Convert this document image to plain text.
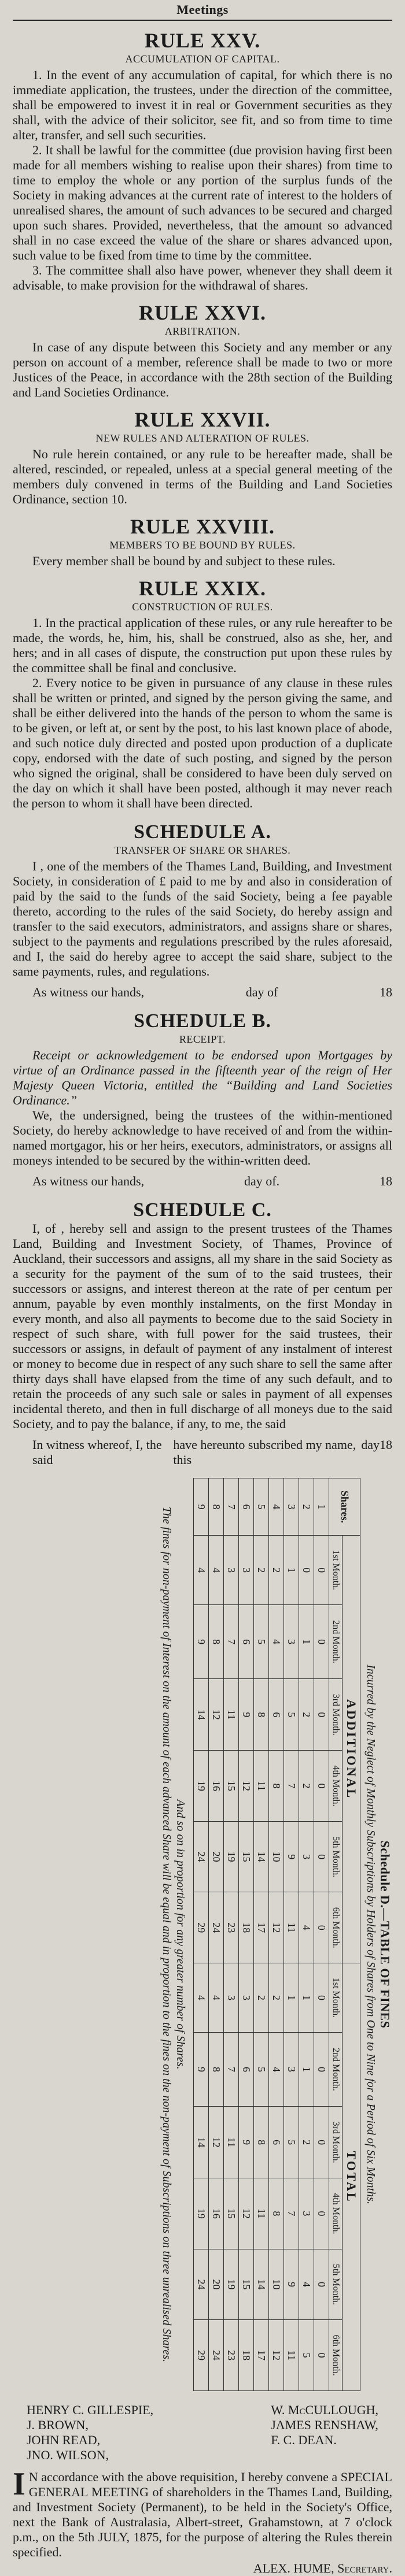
Meetings
RULE XXV.
ACCUMULATION OF CAPITAL.

1. In the event of any accumulation of capital, for which there is no immediate application, the trustees, under the direction of the committee, shall be empowered to invest it in real or Government securities as they shall, with the advice of their solicitor, see fit, and so from time to time alter, transfer, and sell such securities.

2. It shall be lawful for the committee (due provision having first been made for all members wishing to realise upon their shares) from time to time to employ the whole or any portion of the surplus funds of the Society in making advances at the current rate of interest to the holders of unrealised shares, the amount of such advances to be secured and charged upon such shares. Provided, nevertheless, that the amount so advanced shall in no case exceed the value of the share or shares advanced upon, such value to be fixed from time to time by the committee.

3. The committee shall also have power, whenever they shall deem it advisable, to make provision for the withdrawal of shares.

RULE XXVI.
ARBITRATION.

In case of any dispute between this Society and any member or any person on account of a member, reference shall be made to two or more Justices of the Peace, in accordance with the 28th section of the Building and Land Societies Ordinance.

RULE XXVII.
NEW RULES AND ALTERATION OF RULES.

No rule herein contained, or any rule to be hereafter made, shall be altered, rescinded, or repealed, unless at a special general meeting of the members duly convened in terms of the Building and Land Societies Ordinance, section 10.

RULE XXVIII.
MEMBERS TO BE BOUND BY RULES.

Every member shall be bound by and subject to these rules.

RULE XXIX.
CONSTRUCTION OF RULES.

1. In the practical application of these rules, or any rule hereafter to be made, the words, he, him, his, shall be construed, also as she, her, and hers; and in all cases of dispute, the construction put upon these rules by the committee shall be final and conclusive.

2. Every notice to be given in pursuance of any clause in these rules shall be written or printed, and signed by the person giving the same, and shall be either delivered into the hands of the person to whom the same is to be given, or left at, or sent by the post, to his last known place of abode, and such notice duly directed and posted upon production of a duplicate copy, endorsed with the date of such posting, and signed by the person who signed the original, shall be considered to have been duly served on the day on which it shall have been posted, although it may never reach the person to whom it shall have been directed.

SCHEDULE A.
TRANSFER OF SHARE OR SHARES.

I , one of the members of the Thames Land, Building, and Investment Society, in consideration of £ paid to me by and also in consideration of paid by the said to the funds of the said Society, being a fee payable thereto, according to the rules of the said Society, do hereby assign and transfer to the said executors, administrators, and assigns share or shares, subject to the payments and regulations prescribed by the rules aforesaid, and I, the said do hereby agree to accept the said share, subject to the same payments, rules, and regulations.

As witness our hands,	day of	18
SCHEDULE B.
RECEIPT.

Receipt or acknowledgement to be endorsed upon Mortgages by virtue of an Ordinance passed in the fifteenth year of the reign of Her Majesty Queen Victoria, entitled the “Building and Land Societies Ordinance.”

We, the undersigned, being the trustees of the within-mentioned Society, do hereby acknowledge to have received of and from the within-named mortgagor, his or her heirs, executors, administrators, or assigns all moneys intended to be secured by the within-written deed.

As witness our hands,	day of.	18
SCHEDULE C.

I, of , hereby sell and assign to the present trustees of the Thames Land, Building and Investment Society, of Thames, Province of Auckland, their successors and assigns, all my share in the said Society as a security for the payment of the sum of to the said trustees, their successors or assigns, and interest thereon at the rate of per centum per annum, payable by even monthly instalments, on the first Monday in every month, and also all payments to become due to the said Society in respect of such share, with full power for the said trustees, their successors or assigns, in default of payment of any instalment of interest or money to become due in respect of any such share to sell the same after thirty days shall have elapsed from the time of any such default, and to retain the proceeds of any such sale or sales in payment of all expenses incidental thereto, and then in full discharge of all moneys due to the said Society, and to pay the balance, if any, to me, the said

In witness whereof, I, the said
have hereunto subscribed my name, this
day 18
Schedule D.—TABLE OF FINES
Incurred by the Neglect of Monthly Subscriptions by Holders of Shares from One to Nine for a Period of Six Months.
Shares.	ADDITIONAL						TOTAL					
	1st Month.	2nd Month.	3rd Month.	4th Month.	5th Month.	6th Month.	1st Month.	2nd Month.	3rd Month.	4th Month.	5th Month.	6th Month.
1	0	0	0	0	0	0	0	0	0	0	0	0
2	0	1	2	2	3	4	1	1	2	3	4	5
3	1	3	5	7	9	11	1	3	5	7	9	11
4	2	4	6	8	10	12	2	4	6	8	10	12
5	2	5	8	11	14	17	2	5	8	11	14	17
6	3	6	9	12	15	18	3	6	9	12	15	18
7	3	7	11	15	19	23	3	7	11	15	19	23
8	4	8	12	16	20	24	4	8	12	16	20	24
9	4	9	14	19	24	29	4	9	14	19	24	29
And so on in proportion for any greater number of Shares.
The fines for non-payment of Interest on the amount of each advanced Share will be equal and in proportion to the fines on the non-payment of Subscriptions on three unrealised Shares.
HENRY C. GILLESPIE,
J. BROWN,
JOHN READ,
JNO. WILSON,
W. McCULLOUGH,
JAMES RENSHAW,
F. C. DEAN.
I N accordance with the above requisition, I hereby convene a SPECIAL GENERAL MEETING of shareholders in the Thames Land, Building, and Investment Society (Permanent), to be held in the Society's Office, next the Bank of Australasia, Albert-street, Grahamstown, at 7 o'clock p.m., on the 5th JULY, 1875, for the purpose of altering the Rules therein specified.
ALEX. HUME, Secretary.
